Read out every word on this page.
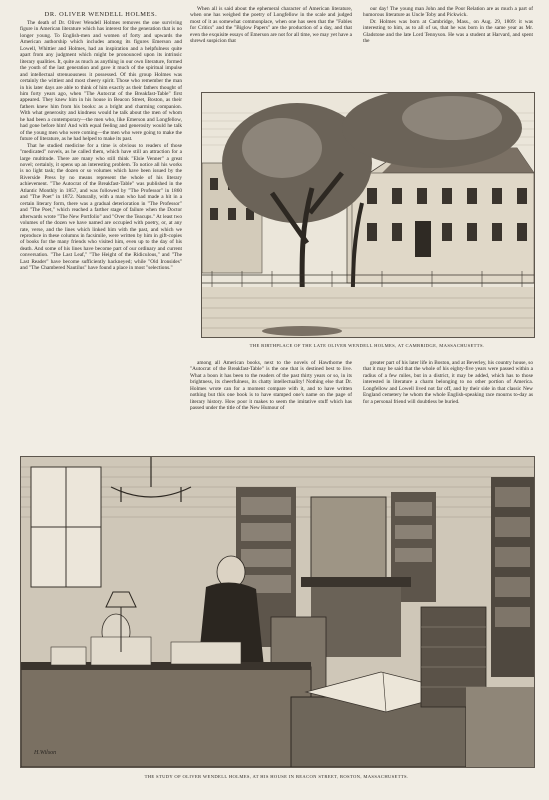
DR. OLIVER WENDELL HOLMES.

The death of Dr. Oliver Wendell Holmes removes the one surviving figure in American literature which has interest for the generation that is no longer young. To English-men and women of forty and upwards the American authorship which includes among its figures Emerson and Lowell, Whittier and Holmes, had an inspiration and a helpfulness quite apart from any judgment which might be pronounced upon its intrinsic literary qualities. It, quite as much as anything in our own literature, formed the youth of the last generation and gave it much of the spiritual impulse and intellectual strenuousness it possessed. Of this group Holmes was certainly the wittiest and most cheery spirit. Those who remember the man in his later days are able to think of him exactly as their fathers thought of him forty years ago, when "The Autocrat of the Breakfast-Table" first appeared. They knew him in his house in Beacon Street, Boston, as their fathers knew him from his books: as a bright and charming companion. With what generosity and kindness would he talk about the men of whom he had been a contemporary—the men who, like Emerson and Longfellow, had gone before him! And with equal feeling and generosity would he talk of the young men who were coming—the men who were going to make the future of literature, as he had helped to make its past.

That he studied medicine for a time is obvious to readers of those "medicated" novels, as he called them, which have still an attraction for a large multitude. There are many who still think "Elsie Venner" a great novel; certainly, it opens up an interesting problem. To notice all his works is no light task; the dozen or so volumes which have been issued by the Riverside Press by no means represent the whole of his literary achievement. "The Autocrat of the Breakfast-Table" was published in the Atlantic Monthly in 1857, and was followed by "The Professor" in 1860 and "The Poet" in 1872. Naturally, with a man who had made a hit in a certain literary form, there was a gradual deterioration in "The Professor" and "The Poet," which reached a farther stage of failure when the Doctor afterwards wrote "The New Portfolio" and "Over the Teacups." At least two volumes of the dozen we have named are occupied with poetry, or, at any rate, verse, and the lines which linked him with the past, and which we reproduce in these columns in facsimile, were written by him in gift-copies of books for the many friends who visited him, even up to the day of his death. And some of his lines have become part of our ordinary and current conversation. "The Last Leaf," "The Height of the Ridiculous," and "The Last Reader" have become sufficiently hackneyed; while "Old Ironsides" and "The Chambered Nautilus" have found a place in most "selections."

When all is said about the ephemeral character of American literature, when one has weighed the poetry of Longfellow in the scale and judged most of it as somewhat commonplace, when one has seen that the "Fables for Critics" and the "Biglow Papers" are the production of a day, and that even the exquisite essays of Emerson are not for all time, we may yet have a shrewd suspicion that

our day! The young man John and the Poor Relation are as much a part of humorous literature as Uncle Toby and Pickwick.

Dr. Holmes was born at Cambridge, Mass., on Aug. 29, 1809: it was interesting to him, as to all of us, that he was born in the same year as Mr. Gladstone and the late Lord Tennyson. He was a student at Harvard, and spent the

THE BIRTHPLACE OF THE LATE OLIVER WENDELL HOLMES, AT CAMBRIDGE, MASSACHUSETTS.

among all American books, next to the novels of Hawthorne the "Autocrat of the Breakfast-Table" is the one that is destined best to live. What a boon it has been to the readers of the past thirty years or so, in its brightness, its cheerfulness, its chatty intellectuality! Nothing else that Dr. Holmes wrote can for a moment compare with it, and to have written nothing but this one book is to have stamped one's name on the page of literary history. How poor it makes to seem the imitative stuff which has passed under the title of the New Humour of

greater part of his later life in Boston, and at Beverley, his country house, so that it may be said that the whole of his eighty-five years were passed within a radius of a few miles, but in a district, it may be added, which has to those interested in literature a charm belonging to no other portion of America. Longfellow and Lowell lived not far off, and by their side in that classic New England cemetery he whom the whole English-speaking race mourns to-day as for a personal friend will doubtless be buried.

H.Wilson
THE STUDY OF OLIVER WENDELL HOLMES, AT HIS HOUSE IN BEACON STREET, BOSTON, MASSACHUSETTS.
